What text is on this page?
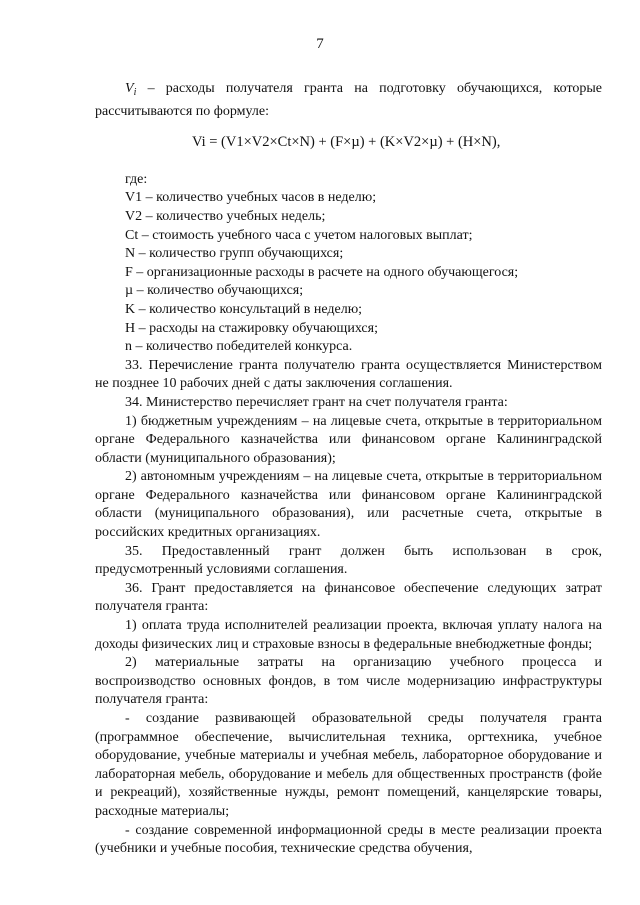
7

$V_i$ – расходы получателя гранта на подготовку обучающихся, которые рассчитываются по формуле:

Vi = (V1×V2×Ct×N) + (F×µ) + (K×V2×µ) + (H×N),

где:

V1 – количество учебных часов в неделю;

V2 – количество учебных недель;

Ct – стоимость учебного часа с учетом налоговых выплат;

N – количество групп обучающихся;

F – организационные расходы в расчете на одного обучающегося;

µ – количество обучающихся;

K – количество консультаций в неделю;

H – расходы на стажировку обучающихся;

n – количество победителей конкурса.

33. Перечисление гранта получателю гранта осуществляется Министерством не позднее 10 рабочих дней с даты заключения соглашения.

34. Министерство перечисляет грант на счет получателя гранта:

1) бюджетным учреждениям – на лицевые счета, открытые в территориальном органе Федерального казначейства или финансовом органе Калининградской области (муниципального образования);

2) автономным учреждениям – на лицевые счета, открытые в территориальном органе Федерального казначейства или финансовом органе Калининградской области (муниципального образования), или расчетные счета, открытые в российских кредитных организациях.

35. Предоставленный грант должен быть использован в срок, предусмотренный условиями соглашения.

36. Грант предоставляется на финансовое обеспечение следующих затрат получателя гранта:

1) оплата труда исполнителей реализации проекта, включая уплату налога на доходы физических лиц и страховые взносы в федеральные внебюджетные фонды;

2) материальные затраты на организацию учебного процесса и воспроизводство основных фондов, в том числе модернизацию инфраструктуры получателя гранта:

- создание развивающей образовательной среды получателя гранта (программное обеспечение, вычислительная техника, оргтехника, учебное оборудование, учебные материалы и учебная мебель, лабораторное оборудование и лабораторная мебель, оборудование и мебель для общественных пространств (фойе и рекреаций), хозяйственные нужды, ремонт помещений, канцелярские товары, расходные материалы;

- создание современной информационной среды в месте реализации проекта (учебники и учебные пособия, технические средства обучения,
